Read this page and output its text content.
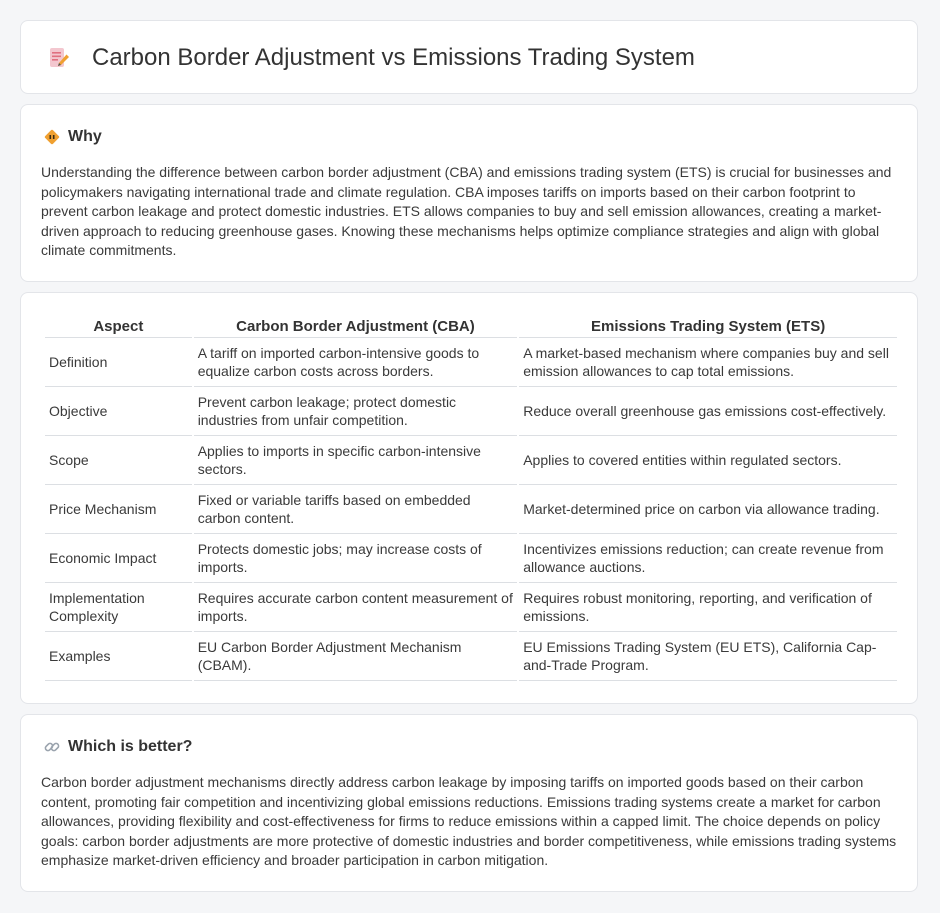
Carbon Border Adjustment vs Emissions Trading System
Why

Understanding the difference between carbon border adjustment (CBA) and emissions trading system (ETS) is crucial for businesses and policymakers navigating international trade and climate regulation. CBA imposes tariffs on imports based on their carbon footprint to prevent carbon leakage and protect domestic industries. ETS allows companies to buy and sell emission allowances, creating a market-driven approach to reducing greenhouse gases. Knowing these mechanisms helps optimize compliance strategies and align with global climate commitments.

Aspect	Carbon Border Adjustment (CBA)	Emissions Trading System (ETS)
Definition	A tariff on imported carbon-intensive goods to equalize carbon costs across borders.	A market-based mechanism where companies buy and sell emission allowances to cap total emissions.
Objective	Prevent carbon leakage; protect domestic industries from unfair competition.	Reduce overall greenhouse gas emissions cost-effectively.
Scope	Applies to imports in specific carbon-intensive sectors.	Applies to covered entities within regulated sectors.
Price Mechanism	Fixed or variable tariffs based on embedded carbon content.	Market-determined price on carbon via allowance trading.
Economic Impact	Protects domestic jobs; may increase costs of imports.	Incentivizes emissions reduction; can create revenue from allowance auctions.
Implementation Complexity	Requires accurate carbon content measurement of imports.	Requires robust monitoring, reporting, and verification of emissions.
Examples	EU Carbon Border Adjustment Mechanism (CBAM).	EU Emissions Trading System (EU ETS), California Cap-and-Trade Program.
Which is better?

Carbon border adjustment mechanisms directly address carbon leakage by imposing tariffs on imported goods based on their carbon content, promoting fair competition and incentivizing global emissions reductions. Emissions trading systems create a market for carbon allowances, providing flexibility and cost-effectiveness for firms to reduce emissions within a capped limit. The choice depends on policy goals: carbon border adjustments are more protective of domestic industries and border competitiveness, while emissions trading systems emphasize market-driven efficiency and broader participation in carbon mitigation.
